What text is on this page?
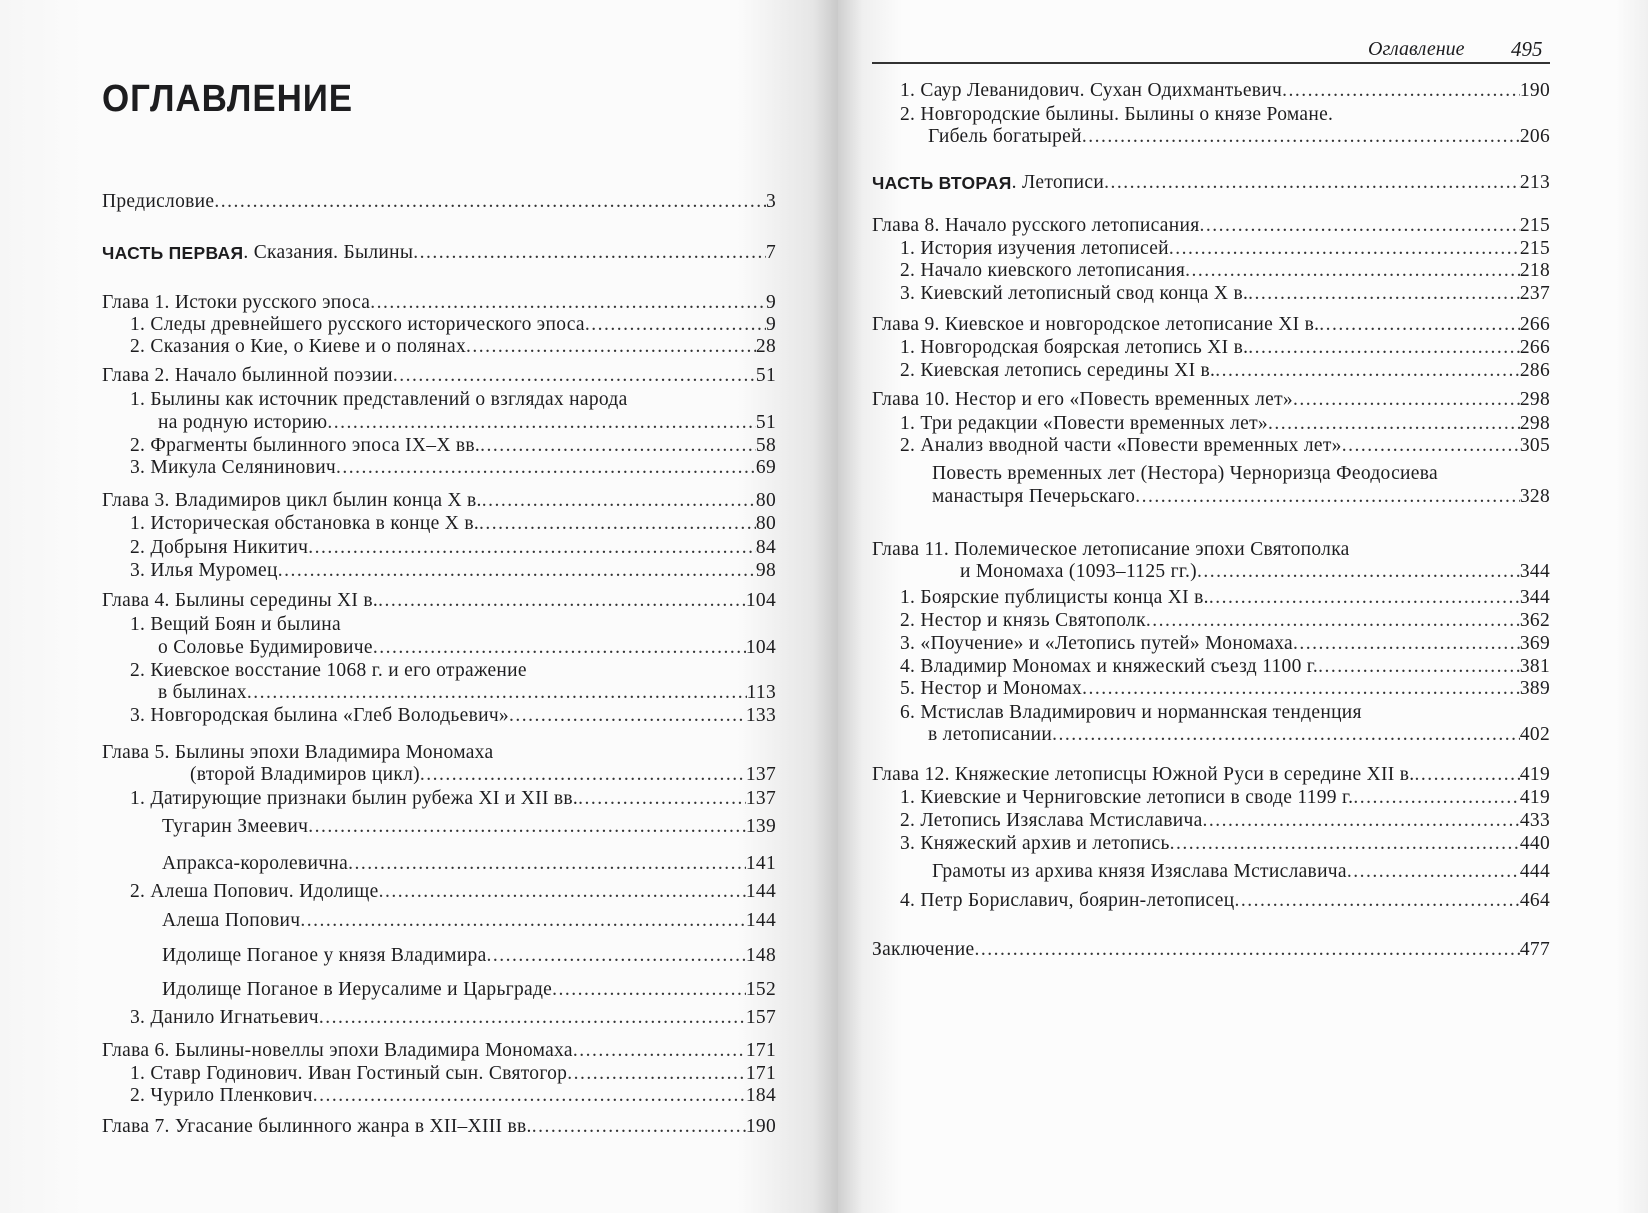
ОГЛАВЛЕНИЕ
Предисловие .....	3
ЧАСТЬ ПЕРВАЯ . Сказания. Былины .....	7
Глава 1. Истоки русского эпоса .....	9
1. Следы древнейшего русского исторического эпоса .....	9
2. Сказания о Кие, о Киеве и о полянах .....	28
Глава 2. Начало былинной поэзии .....	51
1. Былины как источник представлений о взглядах народа
на родную историю .....	51
2. Фрагменты былинного эпоса IX–X вв. .....	58
3. Микула Селянинович .....	69
Глава 3. Владимиров цикл былин конца X в. .....	80
1. Историческая обстановка в конце X в. .....	80
2. Добрыня Никитич .....	84
3. Илья Муромец .....	98
Глава 4. Былины середины XI в. .....	104
1. Вещий Боян и былина
о Соловье Будимировиче .....	104
2. Киевское восстание 1068 г. и его отражение
в былинах .....	113
3. Новгородская былина «Глеб Володьевич» .....	133
Глава 5. Былины эпохи Владимира Мономаха
(второй Владимиров цикл) .....	137
1. Датирующие признаки былин рубежа XI и XII вв. .....	137
Тугарин Змеевич .....	139
Апракса-королевична .....	141
2. Алеша Попович. Идолище .....	144
Алеша Попович .....	144
Идолище Поганое у князя Владимира .....	148
Идолище Поганое в Иерусалиме и Царьграде .....	152
3. Данило Игнатьевич .....	157
Глава 6. Былины-новеллы эпохи Владимира Мономаха .....	171
1. Ставр Годинович. Иван Гостиный сын. Святогор .....	171
2. Чурило Пленкович .....	184
Глава 7. Угасание былинного жанра в XII–XIII вв. .....	190
Оглавление 495
1. Саур Леванидович. Сухан Одихмантьевич .....	190
2. Новгородские былины. Былины о князе Романе.
Гибель богатырей .....	206
ЧАСТЬ ВТОРАЯ . Летописи .....	213
Глава 8. Начало русского летописания .....	215
1. История изучения летописей .....	215
2. Начало киевского летописания .....	218
3. Киевский летописный свод конца X в. .....	237
Глава 9. Киевское и новгородское летописание XI в. .....	266
1. Новгородская боярская летопись XI в. .....	266
2. Киевская летопись середины XI в. .....	286
Глава 10. Нестор и его «Повесть временных лет» .....	298
1. Три редакции «Повести временных лет» .....	298
2. Анализ вводной части «Повести временных лет» .....	305
Повесть временных лет (Нестора) Черноризца Феодосиева
манастыря Печерьскаго .....	328
Глава 11. Полемическое летописание эпохи Святополка
и Мономаха (1093–1125 гг.) .....	344
1. Боярские публицисты конца XI в. .....	344
2. Нестор и князь Святополк .....	362
3. «Поучение» и «Летопись путей» Мономаха .....	369
4. Владимир Мономах и княжеский съезд 1100 г. .....	381
5. Нестор и Мономах .....	389
6. Мстислав Владимирович и норманнская тенденция
в летописании .....	402
Глава 12. Княжеские летописцы Южной Руси в середине XII в. .....	419
1. Киевские и Черниговские летописи в своде 1199 г. .....	419
2. Летопись Изяслава Мстиславича .....	433
3. Княжеский архив и летопись .....	440
Грамоты из архива князя Изяслава Мстиславича .....	444
4. Петр Бориславич, боярин-летописец .....	464
Заключение .....	477
